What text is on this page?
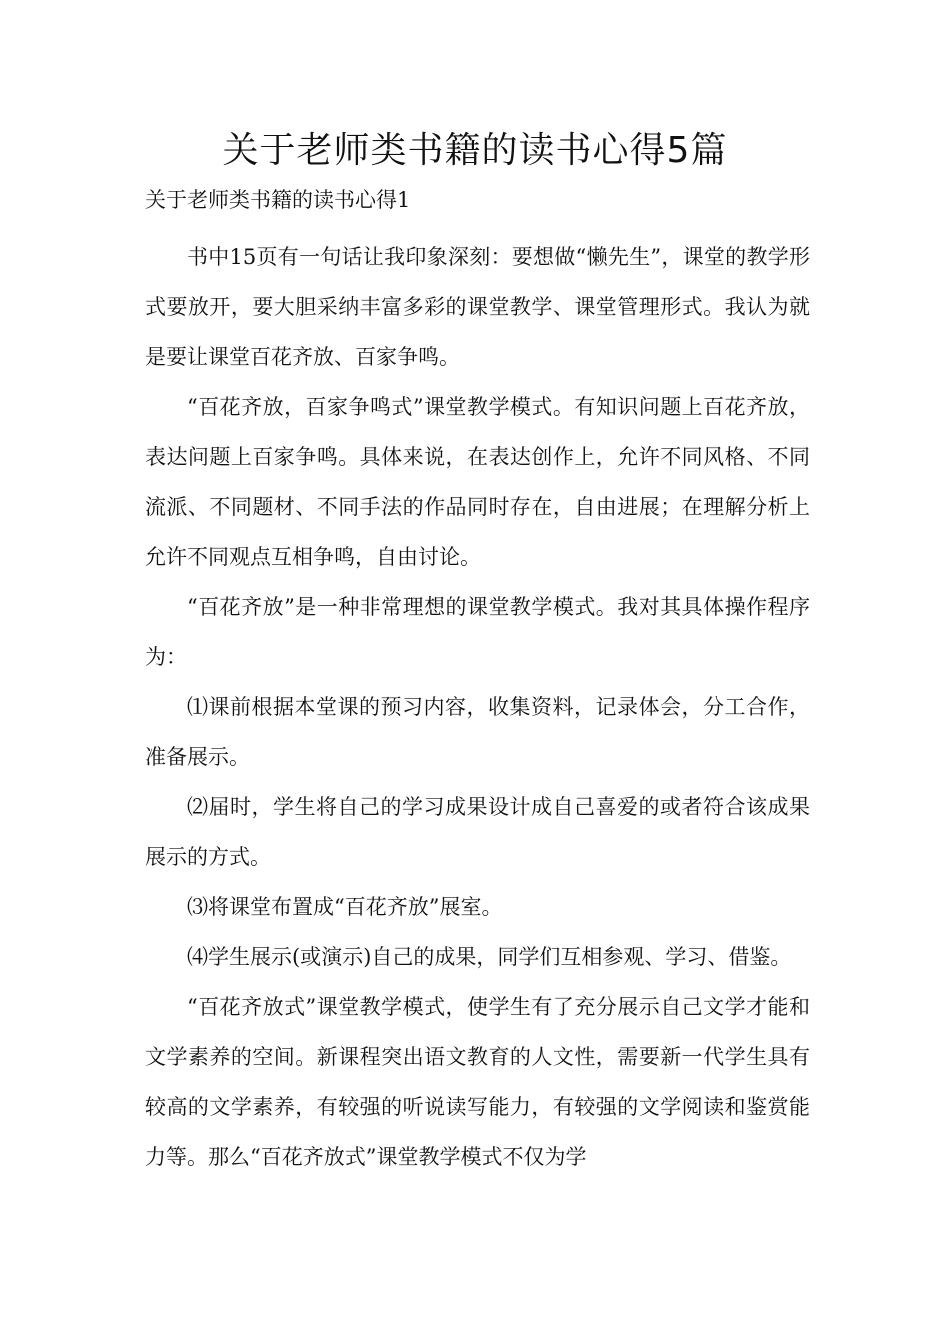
关于老师类书籍的读书心得5篇

关于老师类书籍的读书心得1

书中15页有一句话让我印象深刻：要想做“懒先生”，课堂的教学形式要放开，要大胆采纳丰富多彩的课堂教学、课堂管理形式。我认为就是要让课堂百花齐放、百家争鸣。

“百花齐放，百家争鸣式”课堂教学模式。有知识问题上百花齐放，表达问题上百家争鸣。具体来说，在表达创作上，允许不同风格、不同流派、不同题材、不同手法的作品同时存在，自由进展；在理解分析上允许不同观点互相争鸣，自由讨论。

“百花齐放”是一种非常理想的课堂教学模式。我对其具体操作程序为：

⑴课前根据本堂课的预习内容，收集资料，记录体会，分工合作，准备展示。

⑵届时，学生将自己的学习成果设计成自己喜爱的或者符合该成果展示的方式。

⑶将课堂布置成“百花齐放”展室。

⑷学生展示(或演示)自己的成果，同学们互相参观、学习、借鉴。

“百花齐放式”课堂教学模式，使学生有了充分展示自己文学才能和文学素养的空间。新课程突出语文教育的人文性，需要新一代学生具有较高的文学素养，有较强的听说读写能力，有较强的文学阅读和鉴赏能力等。那么“百花齐放式”课堂教学模式不仅为学
